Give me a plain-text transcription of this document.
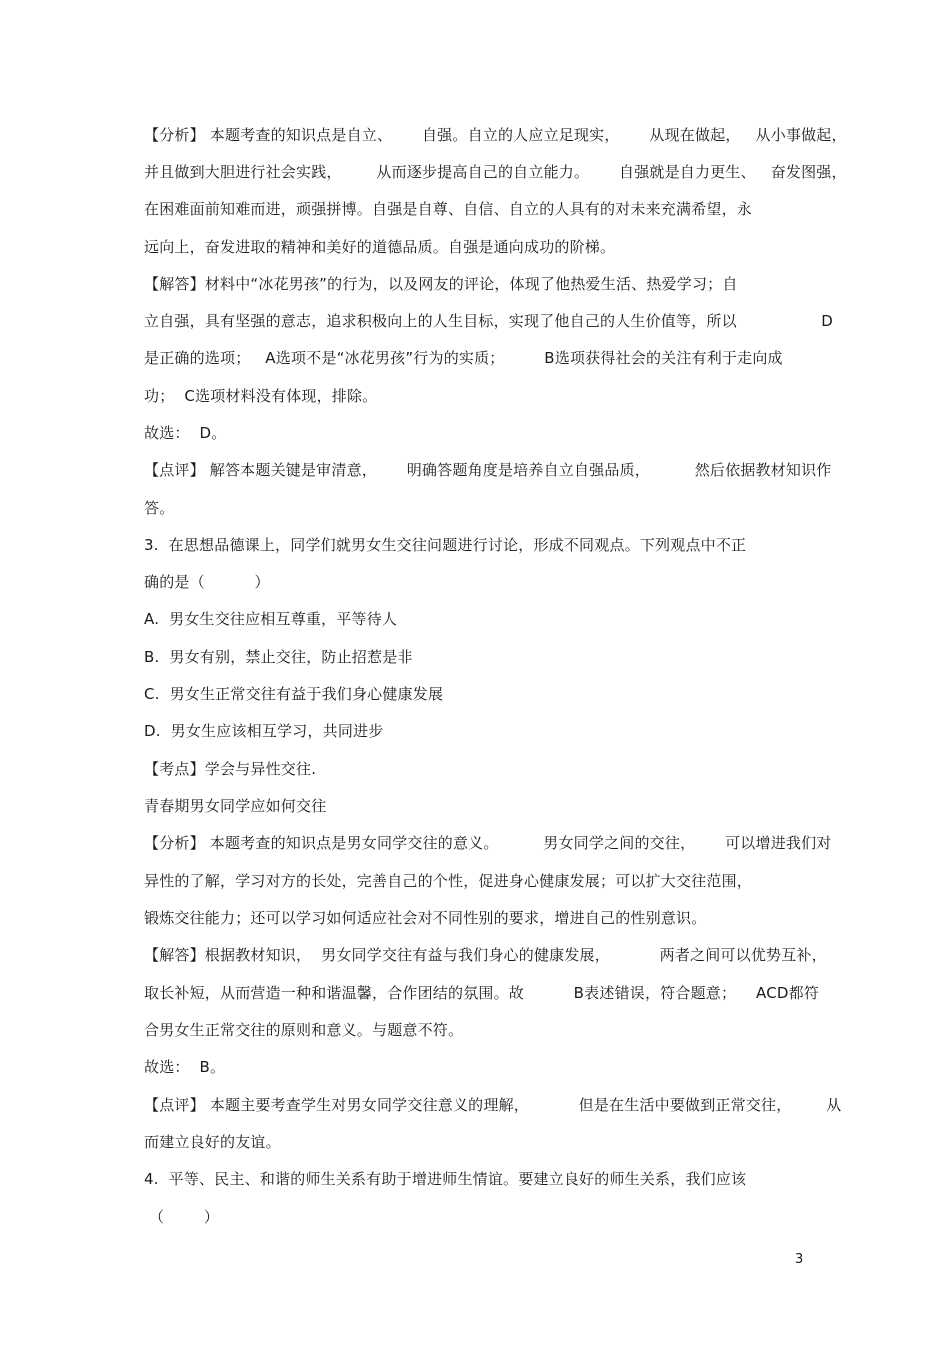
【分析】 本题考查的知识点是自立、      自强。自立的人应立足现实，      从现在做起，   从小事做起，
并且做到大胆进行社会实践，       从而逐步提高自己的自立能力。      自强就是自力更生、   奋发图强，
在困难面前知难而进，顽强拼博。自强是自尊、自信、自立的人具有的对未来充满希望，永
远向上，奋发进取的精神和美好的道德品质。自强是通向成功的阶梯。
【解答】材料中“冰花男孩”的行为，以及网友的评论，体现了他热爱生活、热爱学习；自
立自强，具有坚强的意志，追求积极向上的人生目标，实现了他自己的人生价值等，所以                 D
是正确的选项；   A选项不是“冰花男孩”行为的实质；        B选项获得社会的关注有利于走向成
功；  C选项材料没有体现，排除。
故选：  D。
【点评】 解答本题关键是审清意，      明确答题角度是培养自立自强品质，         然后依据教材知识作
答。
3.  在思想品德课上，同学们就男女生交往问题进行讨论，形成不同观点。下列观点中不正
确的是（          ）
A.  男女生交往应相互尊重，平等待人
B.  男女有别，禁止交往，防止招惹是非
C.  男女生正常交往有益于我们身心健康发展
D.  男女生应该相互学习，共同进步
【考点】学会与异性交往.
青春期男女同学应如何交往
【分析】 本题考查的知识点是男女同学交往的意义。         男女同学之间的交往，      可以增进我们对
异性的了解，学习对方的长处，完善自己的个性，促进身心健康发展；可以扩大交往范围，
锻炼交往能力；还可以学习如何适应社会对不同性别的要求，增进自己的性别意识。
【解答】根据教材知识，  男女同学交往有益与我们身心的健康发展，          两者之间可以优势互补，
取长补短，从而营造一种和谐温馨，合作团结的氛围。故          B表述错误，符合题意；    ACD都符
合男女生正常交往的原则和意义。与题意不符。
故选：  B。
【点评】 本题主要考查学生对男女同学交往意义的理解，          但是在生活中要做到正常交往，       从
而建立良好的友谊。
4.  平等、民主、和谐的师生关系有助于增进师生情谊。要建立良好的师生关系，我们应该
（        ）
3
